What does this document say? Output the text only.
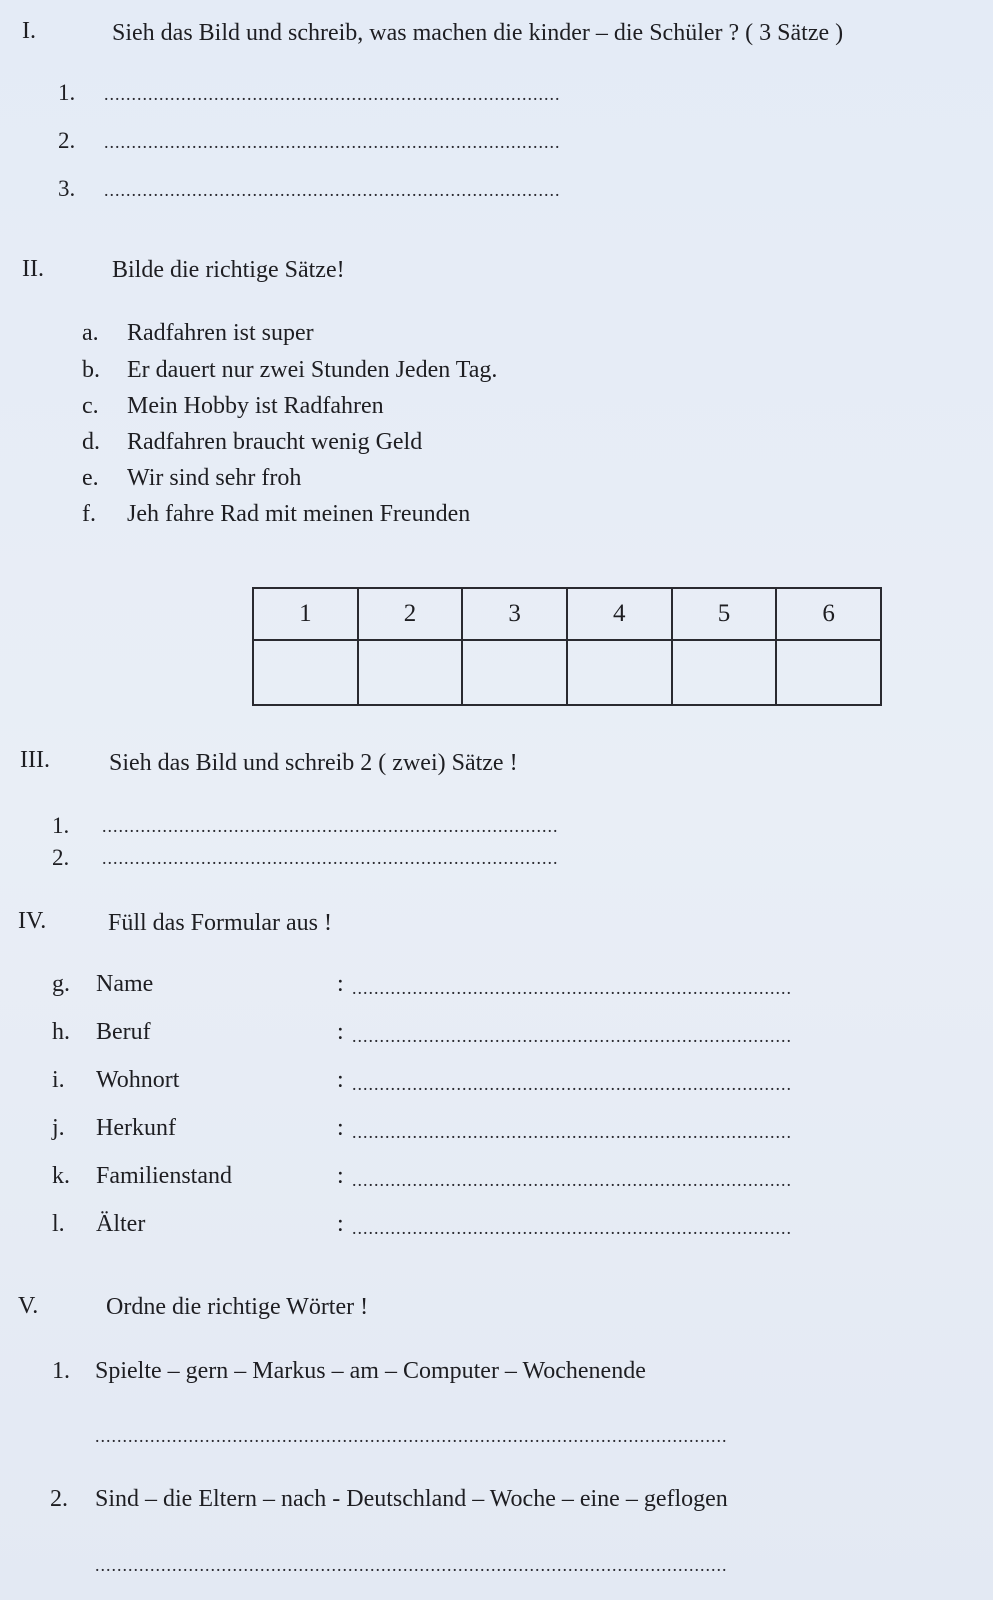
I.	Sieh das Bild und schreib, was machen die kinder – die Schüler ? ( 3 Sätze )
1. ...................................................................................
2. ...................................................................................
3. ...................................................................................
II.	Bilde die richtige Sätze!
a. Radfahren ist super
b. Er dauert nur zwei Stunden Jeden Tag.
c. Mein Hobby ist Radfahren
d. Radfahren braucht wenig Geld
e. Wir sind sehr froh
f. Jeh fahre Rad mit meinen Freunden
1	2	3	4	5	6

III. Sieh das Bild und schreib 2 ( zwei) Sätze !
1. ...................................................................................
2. ...................................................................................
IV.	Füll das Formular aus !
g. Name	: ................................................................................
h. Beruf	: ................................................................................
i. Wohnort	: ................................................................................
j. Herkunf	: ................................................................................
k. Familienstand	: ................................................................................
l. Älter	: ................................................................................
V.	Ordne die richtige Wörter !
1. Spielte – gern – Markus – am – Computer – Wochenende
...................................................................................................................
2. Sind – die Eltern – nach - Deutschland – Woche – eine – geflogen
...................................................................................................................
